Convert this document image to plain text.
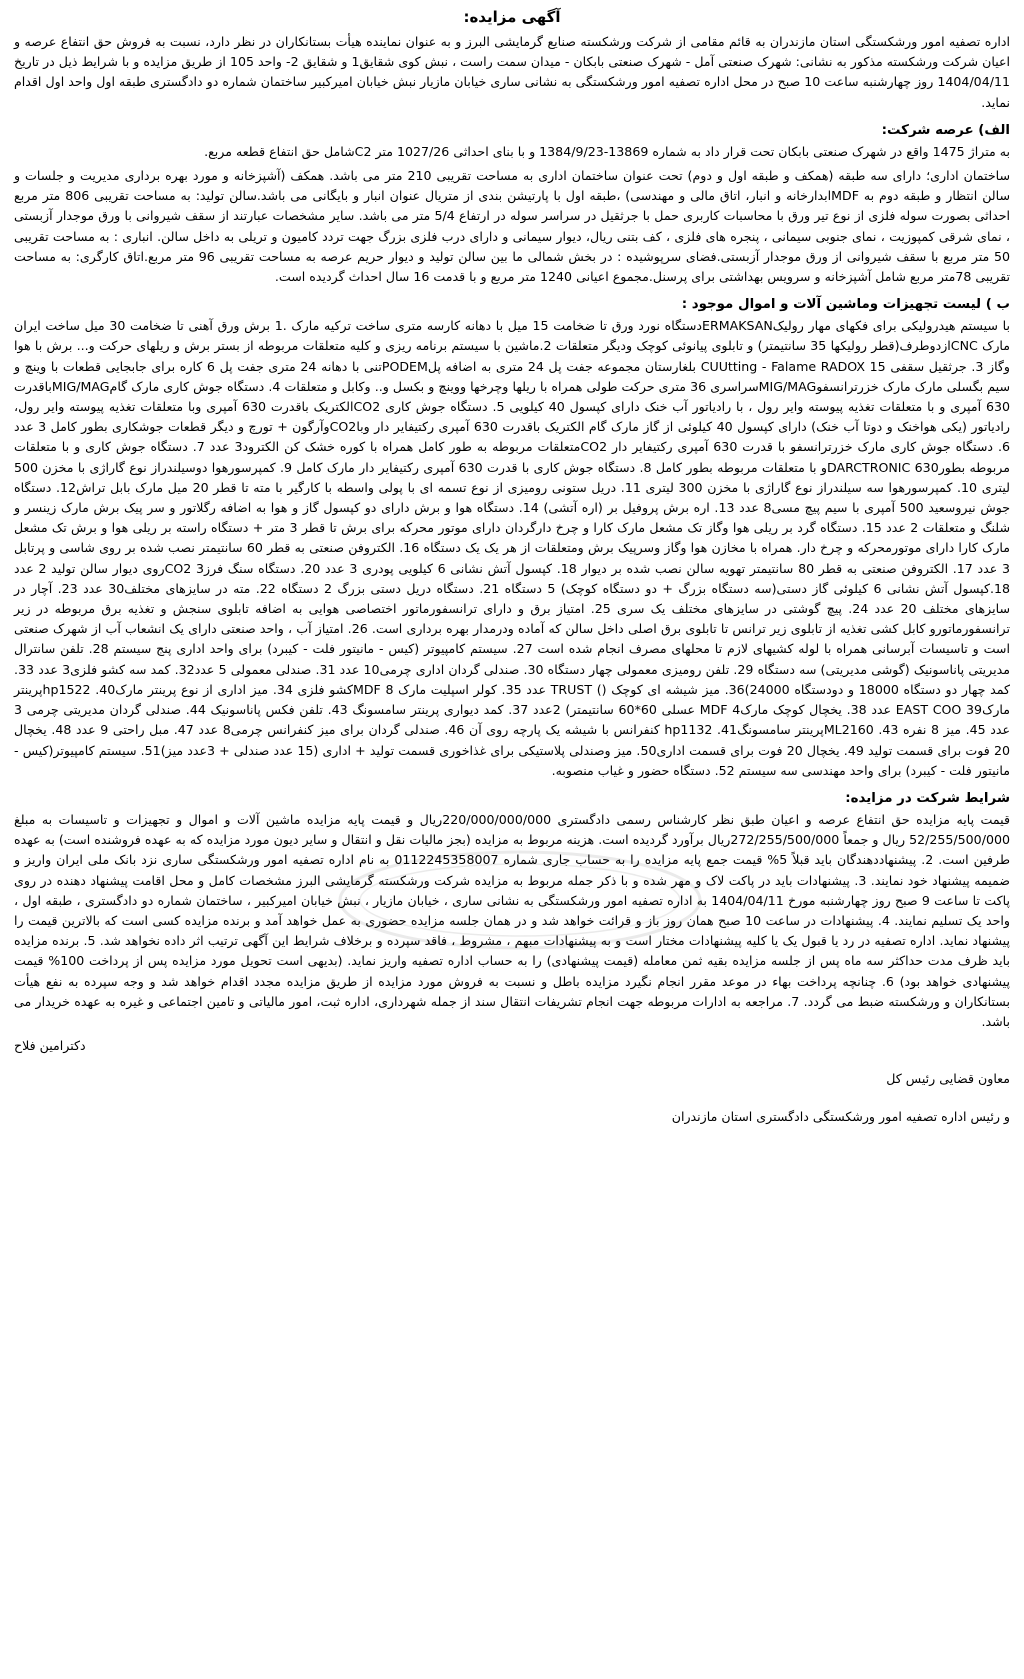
آگهی مزایده:
اداره تصفیه امور ورشکستگی استان مازندران به قائم مقامی از شرکت ورشکسته صنایع گرمایشی البرز و به عنوان نماینده هیأت بستانکاران در نظر دارد، نسبت به فروش حق انتفاع عرصه و اعیان شرکت ورشکسته مذکور به نشانی: شهرک صنعتی آمل - شهرک صنعتی بابکان - میدان سمت راست ، نبش کوی شقایق1 و شقایق 2- واحد 105 از طریق مزایده و با شرایط ذیل در تاریخ 1404/04/11 روز چهارشنبه ساعت 10 صبح در محل اداره تصفیه امور ورشکستگی به نشانی ساری خیابان مازیار نبش خیابان امیرکبیر ساختمان شماره دو دادگستری طبقه اول واحد اول اقدام نماید.
الف) عرصه شرکت:
به متراژ 1475 واقع در شهرک صنعتی بابکان تحت قرار داد به شماره 13869-1384/9/23 و با بنای احداثی 1027/26 متر C2شامل حق انتفاع قطعه مربع.
ساختمان اداری؛ دارای سه طبقه (همکف و طبقه اول و دوم) تحت عنوان ساختمان اداری به مساحت تقریبی 210 متر می باشد. همکف (آشپزخانه و مورد بهره برداری مدیریت و جلسات و سالن انتظار و طبقه دوم به MDFابدارخانه و انبار، اتاق مالی و مهندسی) ،طبقه اول با پارتیشن بندی از متریال عنوان انبار و بایگانی می باشد.سالن تولید: به مساحت تقریبی 806 متر مربع احداثی بصورت سوله فلزی از نوع تیر ورق با محاسبات کاربری حمل با جرثقیل در سراسر سوله در ارتفاع 5/4 متر می باشد. سایر مشخصات عبارتند از سقف شیروانی با ورق موجدار آزبستی ، نمای شرقی کمپوزیت ، نمای جنوبی سیمانی ، پنجره های فلزی ، کف بتنی ریال، دیوار سیمانی و دارای درب فلزی بزرگ جهت تردد کامیون و تریلی به داخل سالن. انباری : به مساحت تقریبی 50 متر مربع با سقف شیروانی از ورق موجدار آزبستی.فضای سرپوشیده : در بخش شمالی ما بین سالن تولید و دیوار حریم عرصه به مساحت تقریبی 96 متر مربع.اتاق کارگری: به مساحت تقریبی 78متر مربع شامل آشپزخانه و سرویس بهداشتی برای پرسنل.مجموع اعیانی 1240 متر مربع و با قدمت 16 سال احداث گردیده است.
ب ) لیست تجهیزات وماشین آلات و اموال موجود :
با سیستم هیدرولیکی برای فکهای مهار رولیکERMAKSANدستگاه نورد ورق تا ضخامت 15 میل با دهانه کارسه متری ساخت ترکیه مارک .1 برش ورق آهنی تا ضخامت 30 میل ساخت ایران مارک CNCازدوطرف(قطر رولیکها 35 سانتیمتر) و تابلوی پیانوئی کوچک ودیگر متعلقات 2.ماشین با سیستم برنامه ریزی و کلیه متعلقات مربوطه از بستر برش و ریلهای حرکت و... برش با هوا وگاز 3. جرثقیل سقفی CUUtting - Falame RADOX 15 بلغارستان مجموعه جفت پل 24 متری به اضافه پلPODEMتنی با دهانه 24 متری جفت پل 6 کاره برای جابجایی قطعات با وینچ و سیم بگسلی مارک مارک خزرترانسفوMIG/MAGسراسری 36 متری حرکت طولی همراه با ریلها وچرخها ووینچ و بکسل و.. وکابل و متعلقات 4. دستگاه جوش کاری مارک گامMIG/MAGباقدرت 630 آمپری و با متعلقات تغذیه پیوسته وایر رول ، با رادیاتور آب خنک دارای کپسول 40 کیلویی 5. دستگاه جوش کاری CO2الکتریک باقدرت 630 آمپری وبا متعلقات تغذیه پیوسته وایر رول، رادیاتور (یکی هواخنک و دوتا آب خنک) دارای کپسول 40 کیلوئی از گاز مارک گام الکتریک باقدرت 630 آمپری رکتیفایر دار وباCO2وآرگون + تورچ و دیگر قطعات جوشکاری بطور کامل 3 عدد 6. دستگاه جوش کاری مارک خزرترانسفو با قدرت 630 آمپری رکتیفایر دار CO2متعلقات مربوطه به طور کامل همراه با کوره خشک کن الکترود3 عدد 7. دستگاه جوش کاری و با متعلقات مربوطه بطور630 DARCTRONICو با متعلقات مربوطه بطور کامل 8. دستگاه جوش کاری با قدرت 630 آمپری رکتیفایر دار مارک کامل 9. کمپرسورهوا دوسیلندراز نوع گاراژی با مخزن 500 لیتری 10. کمپرسورهوا سه سیلندراز نوع گاراژی با مخزن 300 لیتری 11. دریل ستونی رومیزی از نوع تسمه ای با پولی واسطه با کارگیر با مته تا قطر 20 میل مارک بابل تراش12. دستگاه جوش نیروسعید 500 آمپری با سیم پیچ مسی8 عدد 13. اره برش پروفیل بر (اره آتشی) 14. دستگاه هوا و برش دارای دو کپسول گاز و هوا به اضافه رگلاتور و سر پیک برش مارک زینسر و شلنگ و متعلقات 2 عدد 15. دستگاه گرد بر ریلی هوا وگاز تک مشعل مارک کارا و چرخ دارگردان دارای موتور محرکه برای برش تا قطر 3 متر + دستگاه راسته بر ریلی هوا و برش تک مشعل مارک کارا دارای موتورمحرکه و چرخ دار. همراه با مخازن هوا وگاز وسرپیک برش ومتعلقات از هر یک یک دستگاه 16. الکتروفن صنعتی به قطر 60 سانتیمتر نصب شده بر روی شاسی و پرتابل 3 عدد 17. الکتروفن صنعتی به قطر 80 سانتیمتر تهویه سالن نصب شده بر دیوار 18. کپسول آتش نشانی 6 کیلویی پودری 3 عدد 20. دستگاه سنگ فرز3 CO2روی دیوار سالن تولید 2 عدد 18.کپسول آتش نشانی 6 کیلوئی گاز دستی(سه دستگاه بزرگ + دو دستگاه کوچک) 5 دستگاه 21. دستگاه دریل دستی بزرگ 2 دستگاه 22. مته در سایزهای مختلف30 عدد 23. آچار در سایزهای مختلف 20 عدد 24. پیچ گوشتی در سایزهای مختلف یک سری 25. امتیاز برق و دارای ترانسفورماتور اختصاصی هوایی به اضافه تابلوی سنجش و تغذیه برق مربوطه در زیر ترانسفورماتورو کابل کشی تغذیه از تابلوی زیر ترانس تا تابلوی برق اصلی داخل سالن که آماده ودرمدار بهره برداری است. 26. امتیاز آب ، واحد صنعتی دارای یک انشعاب آب از شهرک صنعتی است و تاسیسات آبرسانی همراه با لوله کشیهای لازم تا محلهای مصرف انجام شده است 27. سیستم کامپیوتر (کیس - مانیتور فلت - کیبرد) برای واحد اداری پنج سیستم 28. تلفن سانترال مدیریتی پاناسونیک (گوشی مدیریتی) سه دستگاه 29. تلفن رومیزی معمولی چهار دستگاه 30. صندلی گردان اداری چرمی10 عدد 31. صندلی معمولی 5 عدد32. کمد سه کشو فلزی3 عدد 33. کمد چهار دو دستگاه 18000 و دودستگاه 24000)36. میز شیشه ای کوچک () TRUST عدد 35. کولر اسپلیت مارک MDF 8کشو فلزی 34. میز اداری از نوع پرینتر مارک40. hp1522پرینتر مارک39 EAST COO عدد 38. یخچال کوچک مارک4 MDF عسلی 60*60 سانتیمتر) 2عدد 37. کمد دیواری پرینتر سامسونگ 43. تلفن فکس پاناسونیک 44. صندلی گردان مدیریتی چرمی 3 عدد 45. میز 8 نفره 43. ML2160پرینتر سامسونگ41. hp1132 کنفرانس با شیشه یک پارچه روی آن 46. صندلی گردان برای میز کنفرانس چرمی8 عدد 47. مبل راحتی 9 عدد 48. یخچال 20 فوت برای قسمت تولید 49. یخچال 20 فوت برای قسمت اداری50. میز وصندلی پلاستیکی برای غذاخوری قسمت تولید + اداری (15 عدد صندلی + 3عدد میز)51. سیستم کامپیوتر(کیس - مانیتور فلت - کیبرد) برای واحد مهندسی سه سیستم 52. دستگاه حضور و غیاب منصوبه.
شرایط شرکت در مزایده:
قیمت پایه مزایده حق انتفاع عرصه و اعیان طبق نظر کارشناس رسمی دادگستری 220/000/000/000ریال و قیمت پایه مزایده ماشین آلات و اموال و تجهیزات و تاسیسات به مبلغ 52/255/500/000 ریال و جمعاً 272/255/500/000ریال برآورد گردیده است. هزینه مربوط به مزایده (بجز مالیات نقل و انتقال و سایر دیون مورد مزایده که به عهده فروشنده است) به عهده طرفین است. 2. پیشنهاددهندگان باید قبلاً 5% قیمت جمع پایه مزایده را به حساب جاری شماره 0112245358007 به نام اداره تصفیه امور ورشکستگی ساری نزد بانک ملی ایران واریز و ضمیمه پیشنهاد خود نمایند. 3. پیشنهادات باید در پاکت لاک و مهر شده و با ذکر جمله مربوط به مزایده شرکت ورشکسته گرمایشی البرز مشخصات کامل و محل اقامت پیشنهاد دهنده در روی پاکت تا ساعت 9 صبح روز چهارشنبه مورخ 1404/04/11 به اداره تصفیه امور ورشکستگی به نشانی ساری ، خیابان مازیار ، نبش خیابان امیرکبیر ، ساختمان شماره دو دادگستری ، طبقه اول ، واحد یک تسلیم نمایند. 4. پیشنهادات در ساعت 10 صبح همان روز باز و قرائت خواهد شد و در همان جلسه مزایده حضوری به عمل خواهد آمد و برنده مزایده کسی است که بالاترین قیمت را پیشنهاد نماید. اداره تصفیه در رد یا قبول یک یا کلیه پیشنهادات مختار است و به پیشنهادات مبهم ، مشروط ، فاقد سپرده و برخلاف شرایط این آگهی ترتیب اثر داده نخواهد شد. 5. برنده مزایده باید ظرف مدت حداکثر سه ماه پس از جلسه مزایده بقیه ثمن معامله (قیمت پیشنهادی) را به حساب اداره تصفیه واریز نماید. (بدیهی است تحویل مورد مزایده پس از پرداخت 100% قیمت پیشنهادی خواهد بود) 6. چنانچه پرداخت بهاء در موعد مقرر انجام نگیرد مزایده باطل و نسبت به فروش مورد مزایده از طریق مزایده مجدد اقدام خواهد شد و وجه سپرده به نفع هیأت بستانکاران و ورشکسته ضبط می گردد. 7. مراجعه به ادارات مربوطه جهت انجام تشریفات انتقال سند از جمله شهرداری، اداره ثبت، امور مالیاتی و تامین اجتماعی و غیره به عهده خریدار می باشد.
دکترامین فلاح
معاون قضایی رئیس کل
و رئیس اداره تصفیه امور ورشکستگی دادگستری استان مازندران
